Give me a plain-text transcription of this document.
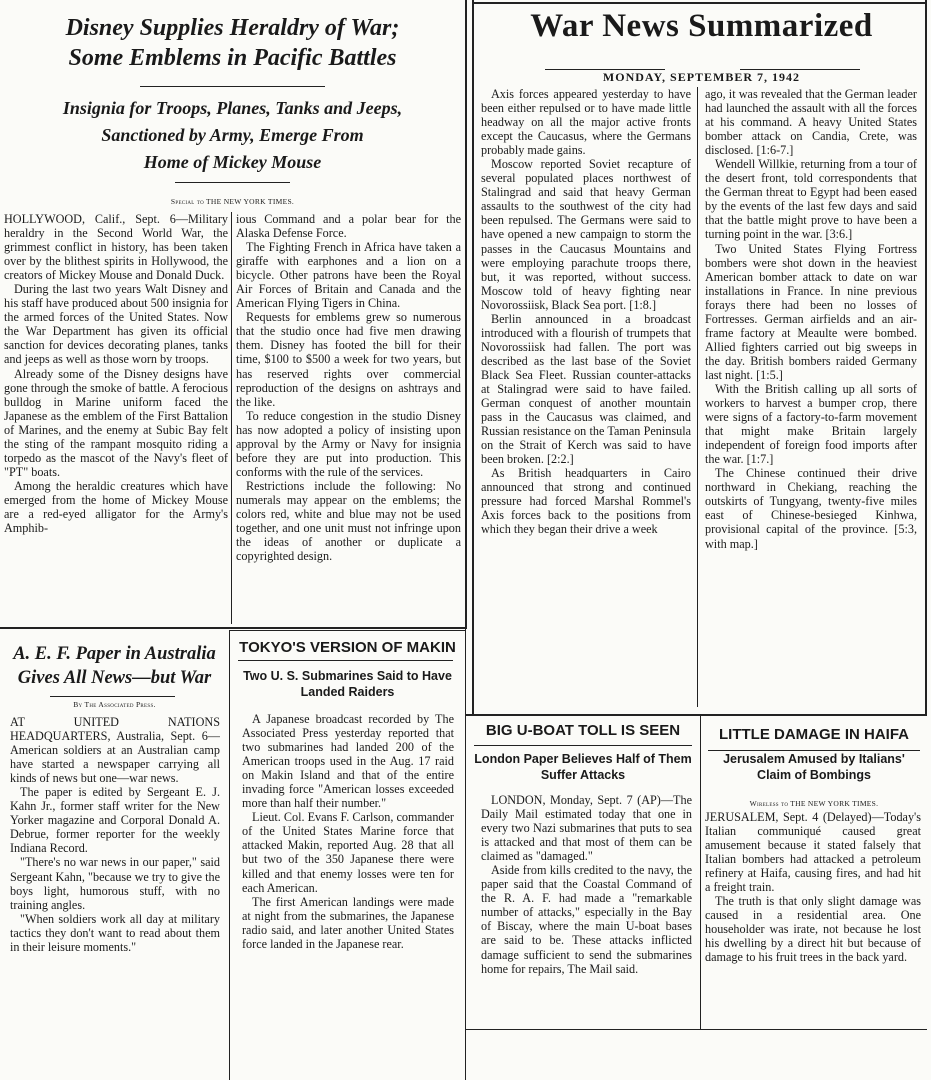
Disney Supplies Heraldry of War;
Some Emblems in Pacific Battles
Insignia for Troops, Planes, Tanks and Jeeps,
Sanctioned by Army, Emerge From
Home of Mickey Mouse
Special to THE NEW YORK TIMES.

HOLLYWOOD, Calif., Sept. 6—Military heraldry in the Second World War, the grimmest conflict in history, has been taken over by the blithest spirits in Hollywood, the creators of Mickey Mouse and Donald Duck.

During the last two years Walt Disney and his staff have produced about 500 insignia for the armed forces of the United States. Now the War Department has given its official sanction for devices decorating planes, tanks and jeeps as well as those worn by troops.

Already some of the Disney designs have gone through the smoke of battle. A ferocious bulldog in Marine uniform faced the Japanese as the emblem of the First Battalion of Marines, and the enemy at Subic Bay felt the sting of the rampant mosquito riding a torpedo as the mascot of the Navy's fleet of "PT" boats.

Among the heraldic creatures which have emerged from the home of Mickey Mouse are a red-eyed alligator for the Army's Amphib-

ious Command and a polar bear for the Alaska Defense Force.

The Fighting French in Africa have taken a giraffe with earphones and a lion on a bicycle. Other patrons have been the Royal Air Forces of Britain and Canada and the American Flying Tigers in China.

Requests for emblems grew so numerous that the studio once had five men drawing them. Disney has footed the bill for their time, $100 to $500 a week for two years, but has reserved rights over commercial reproduction of the designs on ashtrays and the like.

To reduce congestion in the studio Disney has now adopted a policy of insisting upon approval by the Army or Navy for insignia before they are put into production. This conforms with the rule of the services.

Restrictions include the following: No numerals may appear on the emblems; the colors red, white and blue may not be used together, and one unit must not infringe upon the ideas of another or duplicate a copyrighted design.

War News Summarized
MONDAY, SEPTEMBER 7, 1942

Axis forces appeared yesterday to have been either repulsed or to have made little headway on all the major active fronts except the Caucasus, where the Germans probably made gains.

Moscow reported Soviet recapture of several populated places northwest of Stalingrad and said that heavy German assaults to the southwest of the city had been repulsed. The Germans were said to have opened a new campaign to storm the passes in the Caucasus Mountains and were employing parachute troops there, but, it was reported, without success. Moscow told of heavy fighting near Novorossiisk, Black Sea port. [1:8.]

Berlin announced in a broadcast introduced with a flourish of trumpets that Novorossiisk had fallen. The port was described as the last base of the Soviet Black Sea Fleet. Russian counter-attacks at Stalingrad were said to have failed. German conquest of another mountain pass in the Caucasus was claimed, and Russian resistance on the Taman Peninsula on the Strait of Kerch was said to have been broken. [2:2.]

As British headquarters in Cairo announced that strong and continued pressure had forced Marshal Rommel's Axis forces back to the positions from which they began their drive a week

ago, it was revealed that the German leader had launched the assault with all the forces at his command. A heavy United States bomber attack on Candia, Crete, was disclosed. [1:6-7.]

Wendell Willkie, returning from a tour of the desert front, told correspondents that the German threat to Egypt had been eased by the events of the last few days and said that the battle might prove to have been a turning point in the war. [3:6.]

Two United States Flying Fortress bombers were shot down in the heaviest American bomber attack to date on war installations in France. In nine previous forays there had been no losses of Fortresses. German airfields and an air-frame factory at Meaulte were bombed. Allied fighters carried out big sweeps in the day. British bombers raided Germany last night. [1:5.]

With the British calling up all sorts of workers to harvest a bumper crop, there were signs of a factory-to-farm movement that might make Britain largely independent of foreign food imports after the war. [1:7.]

The Chinese continued their drive northward in Chekiang, reaching the outskirts of Tungyang, twenty-five miles east of Chinese-besieged Kinhwa, provisional capital of the province. [5:3, with map.]

A. E. F. Paper in Australia
Gives All News—but War
By The Associated Press.

AT UNITED NATIONS HEADQUARTERS, Australia, Sept. 6—American soldiers at an Australian camp have started a newspaper carrying all kinds of news but one—war news.

The paper is edited by Sergeant E. J. Kahn Jr., former staff writer for the New Yorker magazine and Corporal Donald A. Debrue, former reporter for the weekly Indiana Record.

"There's no war news in our paper," said Sergeant Kahn, "because we try to give the boys light, humorous stuff, with no training angles.

"When soldiers work all day at military tactics they don't want to read about them in their leisure moments."

TOKYO'S VERSION OF MAKIN
Two U. S. Submarines Said to Have Landed Raiders

A Japanese broadcast recorded by The Associated Press yesterday reported that two submarines had landed 200 of the American troops used in the Aug. 17 raid on Makin Island and that of the entire invading force "American losses exceeded more than half their number."

Lieut. Col. Evans F. Carlson, commander of the United States Marine force that attacked Makin, reported Aug. 28 that all but two of the 350 Japanese there were killed and that enemy losses were ten for each American.

The first American landings were made at night from the submarines, the Japanese radio said, and later another United States force landed in the Japanese rear.

BIG U-BOAT TOLL IS SEEN
London Paper Believes Half of Them Suffer Attacks

LONDON, Monday, Sept. 7 (AP)—The Daily Mail estimated today that one in every two Nazi submarines that puts to sea is attacked and that most of them can be claimed as "damaged."

Aside from kills credited to the navy, the paper said that the Coastal Command of the R. A. F. had made a "remarkable number of attacks," especially in the Bay of Biscay, where the main U-boat bases are said to be. These attacks inflicted damage sufficient to send the submarines home for repairs, The Mail said.

LITTLE DAMAGE IN HAIFA
Jerusalem Amused by Italians' Claim of Bombings
Wireless to THE NEW YORK TIMES.

JERUSALEM, Sept. 4 (Delayed)—Today's Italian communiqué caused great amusement because it stated falsely that Italian bombers had attacked a petroleum refinery at Haifa, causing fires, and had hit a freight train.

The truth is that only slight damage was caused in a residential area. One householder was irate, not because he lost his dwelling by a direct hit but because of damage to his fruit trees in the back yard.
